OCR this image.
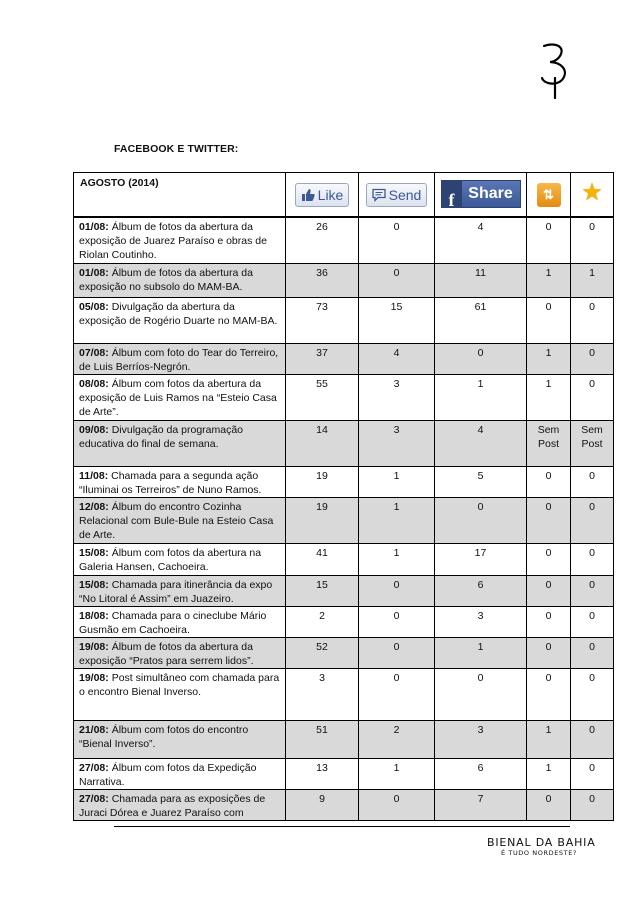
FACEBOOK E TWITTER:
AGOSTO (2014)	Like	Send	f Share	⇅	★
01/08: Álbum de fotos da abertura da exposição de Juarez Paraíso e obras de Riolan Coutinho.	26	0	4	0	0
01/08: Álbum de fotos da abertura da exposição no subsolo do MAM-BA.	36	0	11	1	1
05/08: Divulgação da abertura da exposição de Rogério Duarte no MAM-BA.	73	15	61	0	0
07/08: Álbum com foto do Tear do Terreiro, de Luis Berríos-Negrón.	37	4	0	1	0
08/08: Álbum com fotos da abertura da exposição de Luis Ramos na “Esteio Casa de Arte”.	55	3	1	1	0
09/08: Divulgação da programação educativa do final de semana.	14	3	4	Sem Post	Sem Post
11/08: Chamada para a segunda ação “Iluminai os Terreiros” de Nuno Ramos.	19	1	5	0	0
12/08: Álbum do encontro Cozinha Relacional com Bule-Bule na Esteio Casa de Arte.	19	1	0	0	0
15/08: Álbum com fotos da abertura na Galeria Hansen, Cachoeira.	41	1	17	0	0
15/08: Chamada para itinerância da expo “No Litoral é Assim” em Juazeiro.	15	0	6	0	0
18/08: Chamada para o cineclube Mário Gusmão em Cachoeira.	2	0	3	0	0
19/08: Álbum de fotos da abertura da exposição “Pratos para serrem lidos”.	52	0	1	0	0
19/08: Post simultâneo com chamada para o encontro Bienal Inverso.	3	0	0	0	0
21/08: Álbum com fotos do encontro “Bienal Inverso”.	51	2	3	1	0
27/08: Álbum com fotos da Expedição Narrativa.	13	1	6	1	0
27/08: Chamada para as exposições de Juraci Dórea e Juarez Paraíso com	9	0	7	0	0
BIENAL DA BAHIA
É TUDO NORDESTE?
